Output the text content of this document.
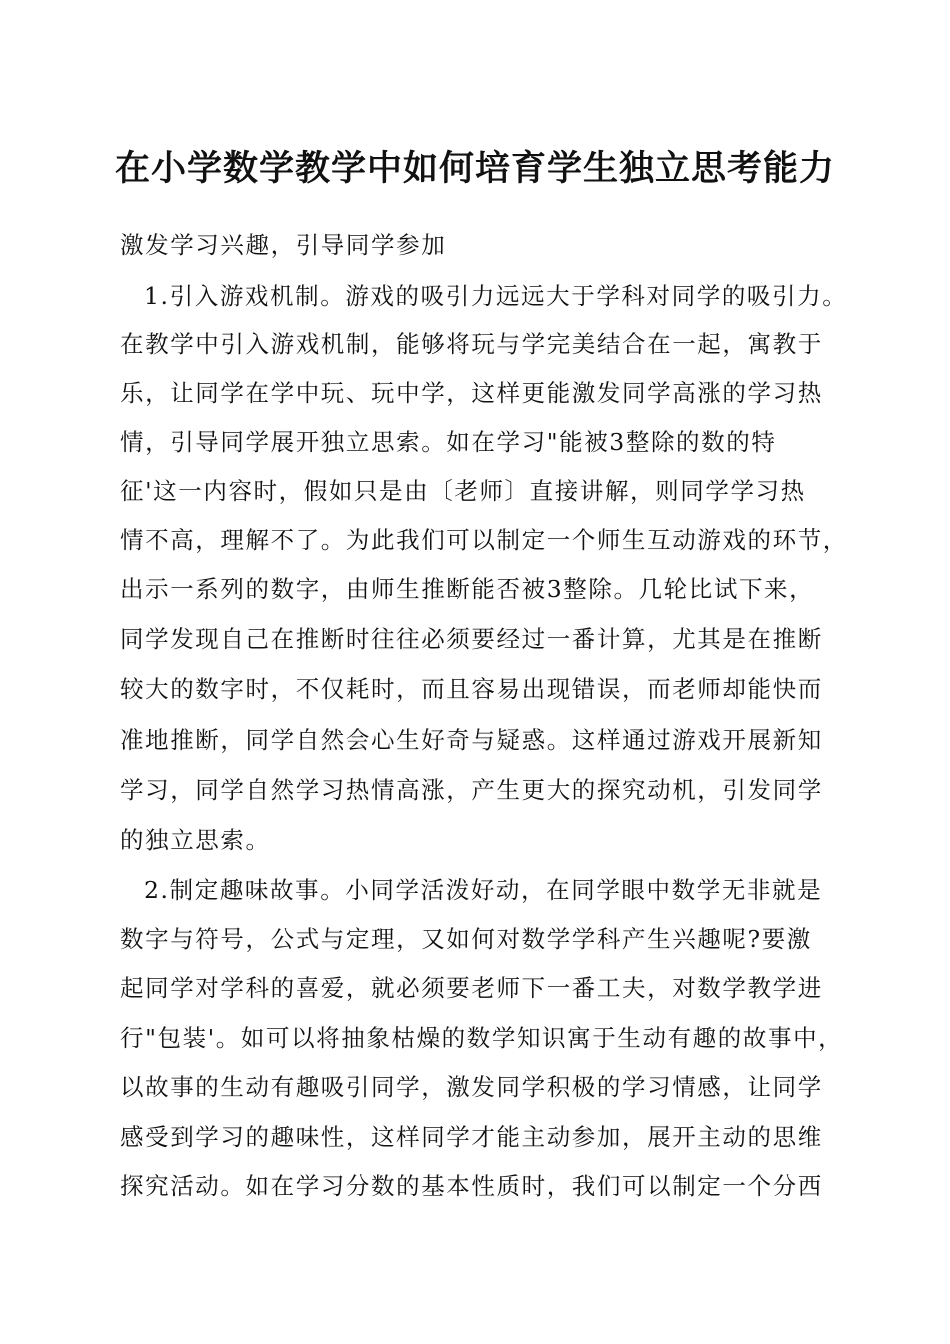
在小学数学教学中如何培育学生独立思考能力
激发学习兴趣，引导同学参加
1.引入游戏机制。游戏的吸引力远远大于学科对同学的吸引力。
在教学中引入游戏机制，能够将玩与学完美结合在一起，寓教于
乐，让同学在学中玩、玩中学，这样更能激发同学高涨的学习热
情，引导同学展开独立思索。如在学习"能被3整除的数的特
征'这一内容时，假如只是由〔老师〕直接讲解，则同学学习热
情不高，理解不了。为此我们可以制定一个师生互动游戏的环节，
出示一系列的数字，由师生推断能否被3整除。几轮比试下来，
同学发现自己在推断时往往必须要经过一番计算，尤其是在推断
较大的数字时，不仅耗时，而且容易出现错误，而老师却能快而
准地推断，同学自然会心生好奇与疑惑。这样通过游戏开展新知
学习，同学自然学习热情高涨，产生更大的探究动机，引发同学
的独立思索。
2.制定趣味故事。小同学活泼好动，在同学眼中数学无非就是
数字与符号，公式与定理，又如何对数学学科产生兴趣呢?要激
起同学对学科的喜爱，就必须要老师下一番工夫，对数学教学进
行"包装'。如可以将抽象枯燥的数学知识寓于生动有趣的故事中，
以故事的生动有趣吸引同学，激发同学积极的学习情感，让同学
感受到学习的趣味性，这样同学才能主动参加，展开主动的思维
探究活动。如在学习分数的基本性质时，我们可以制定一个分西
